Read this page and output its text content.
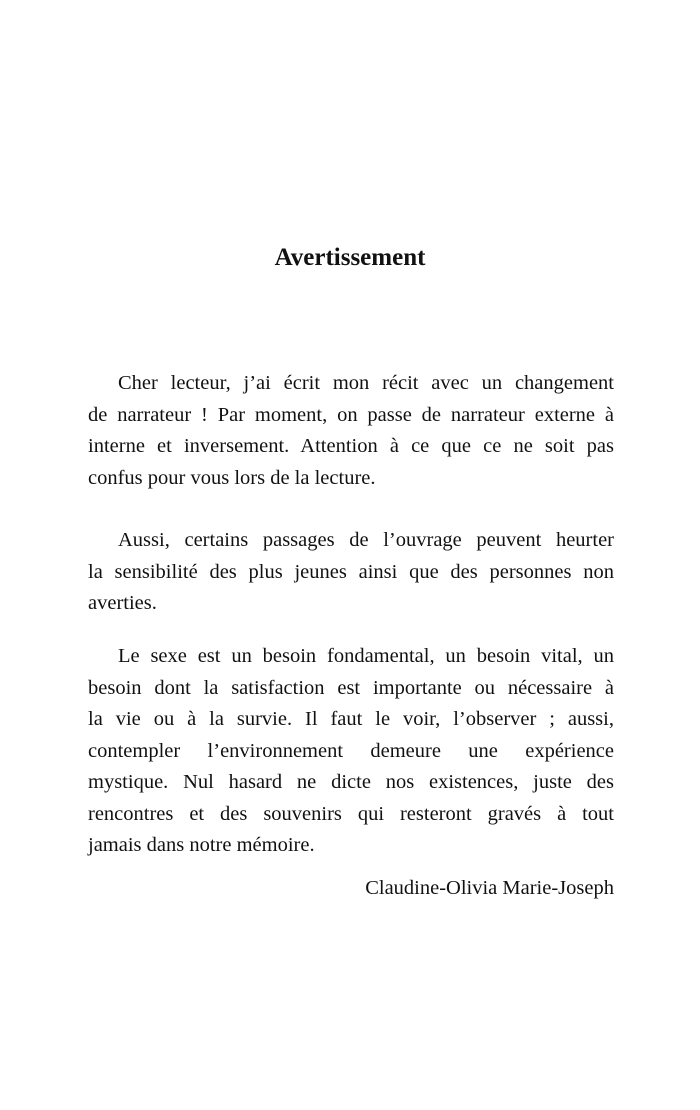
Avertissement
Cher lecteur, j’ai écrit mon récit avec un changement
de narrateur ! Par moment, on passe de narrateur externe à
interne et inversement. Attention à ce que ce ne soit pas
confus pour vous lors de la lecture.
Aussi, certains passages de l’ouvrage peuvent heurter
la sensibilité des plus jeunes ainsi que des personnes non
averties.
Le sexe est un besoin fondamental, un besoin vital, un
besoin dont la satisfaction est importante ou nécessaire à
la vie ou à la survie. Il faut le voir, l’observer ; aussi,
contempler l’environnement demeure une expérience
mystique. Nul hasard ne dicte nos existences, juste des
rencontres et des souvenirs qui resteront gravés à tout
jamais dans notre mémoire.
Claudine-Olivia Marie-Joseph
